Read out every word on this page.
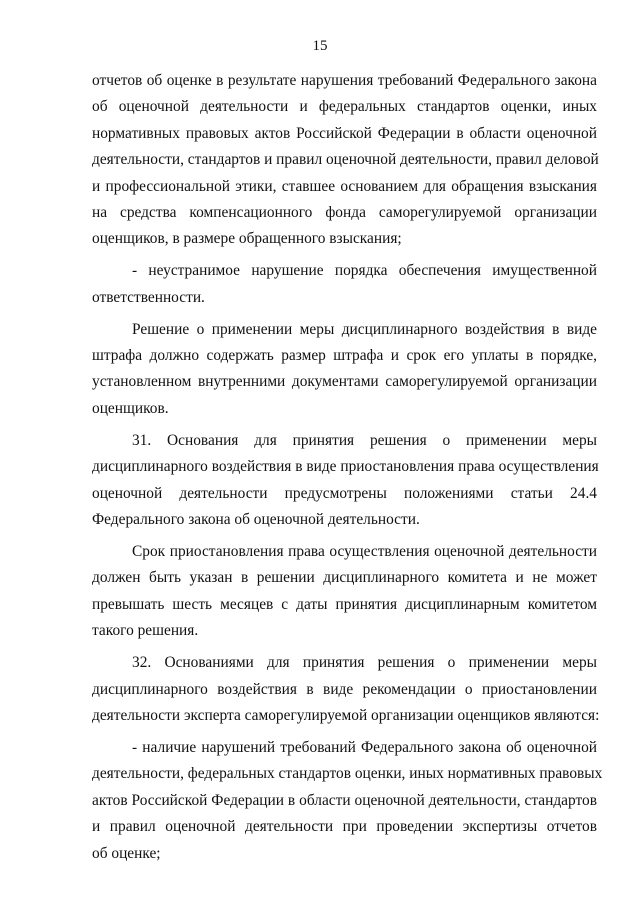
15
отчетов об оценке в результате нарушения требований Федерального закона
об оценочной деятельности и федеральных стандартов оценки, иных
нормативных правовых актов Российской Федерации в области оценочной
деятельности, стандартов и правил оценочной деятельности, правил деловой
и профессиональной этики, ставшее основанием для обращения взыскания
на средства компенсационного фонда саморегулируемой организации
оценщиков, в размере обращенного взыскания;
- неустранимое нарушение порядка обеспечения имущественной
ответственности.
Решение о применении меры дисциплинарного воздействия в виде
штрафа должно содержать размер штрафа и срок его уплаты в порядке,
установленном внутренними документами саморегулируемой организации
оценщиков.
31. Основания для принятия решения о применении меры
дисциплинарного воздействия в виде приостановления права осуществления
оценочной деятельности предусмотрены положениями статьи 24.4
Федерального закона об оценочной деятельности.
Срок приостановления права осуществления оценочной деятельности
должен быть указан в решении дисциплинарного комитета и не может
превышать шесть месяцев с даты принятия дисциплинарным комитетом
такого решения.
32. Основаниями для принятия решения о применении меры
дисциплинарного воздействия в виде рекомендации о приостановлении
деятельности эксперта саморегулируемой организации оценщиков являются:
- наличие нарушений требований Федерального закона об оценочной
деятельности, федеральных стандартов оценки, иных нормативных правовых
актов Российской Федерации в области оценочной деятельности, стандартов
и правил оценочной деятельности при проведении экспертизы отчетов
об оценке;
